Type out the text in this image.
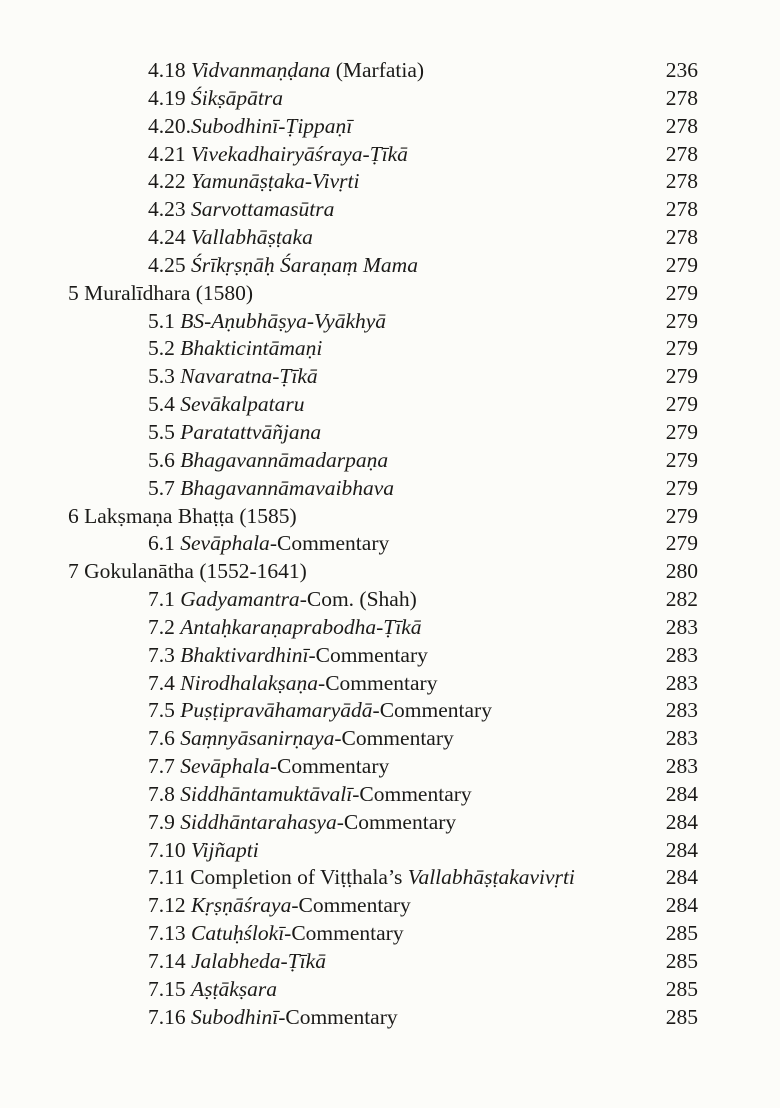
4.18 Vidvanmaṇḍana (Marfatia)	236
4.19 Śikṣāpātra	278
4.20.Subodhinī-Ṭippaṇī	278
4.21 Vivekadhairyāśraya-Ṭīkā	278
4.22 Yamunāṣṭaka-Vivṛti	278
4.23 Sarvottamasūtra	278
4.24 Vallabhāṣṭaka	278
4.25 Śrīkṛṣṇāḥ Śaraṇaṃ Mama	279
5 Muralīdhara (1580)	279
5.1 BS-Aṇubhāṣya-Vyākhyā	279
5.2 Bhakticintāmaṇi	279
5.3 Navaratna-Ṭīkā	279
5.4 Sevākalpataru	279
5.5 Paratattvāñjana	279
5.6 Bhagavannāmadarpaṇa	279
5.7 Bhagavannāmavaibhava	279
6 Lakṣmaṇa Bhaṭṭa (1585)	279
6.1 Sevāphala-Commentary	279
7 Gokulanātha (1552-1641)	280
7.1 Gadyamantra-Com. (Shah)	282
7.2 Antaḥkaraṇaprabodha-Ṭīkā	283
7.3 Bhaktivardhinī-Commentary	283
7.4 Nirodhalakṣaṇa-Commentary	283
7.5 Puṣṭipravāhamaryādā-Commentary	283
7.6 Saṃnyāsanirṇaya-Commentary	283
7.7 Sevāphala-Commentary	283
7.8 Siddhāntamuktāvalī-Commentary	284
7.9 Siddhāntarahasya-Commentary	284
7.10 Vijñapti	284
7.11 Completion of Viṭṭhala’s Vallabhāṣṭakavivṛti	284
7.12 Kṛṣṇāśraya-Commentary	284
7.13 Catuḥślokī-Commentary	285
7.14 Jalabheda-Ṭīkā	285
7.15 Aṣṭākṣara	285
7.16 Subodhinī-Commentary	285
